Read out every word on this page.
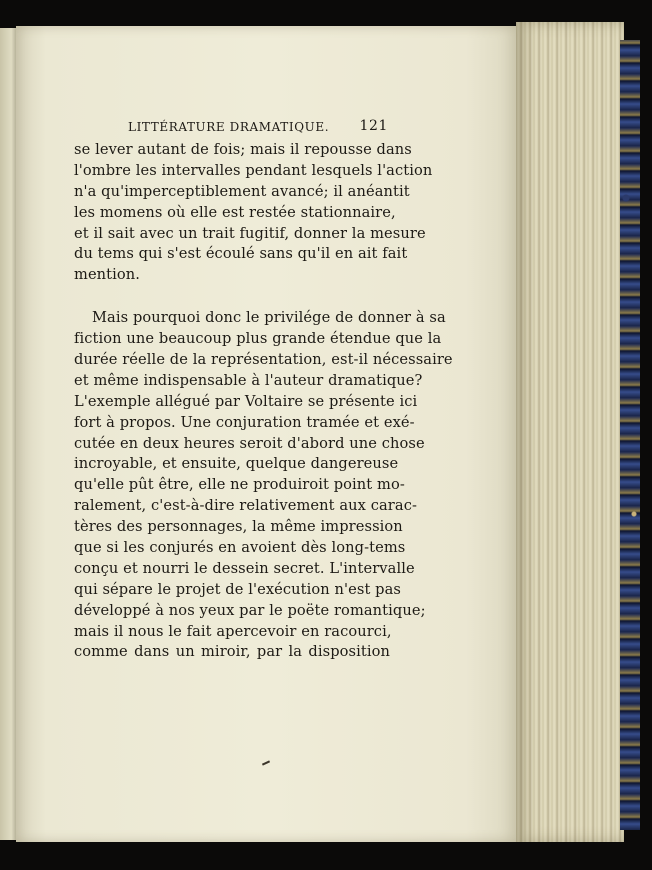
LITTÉRATURE DRAMATIQUE. 121
se lever autant de fois; mais il repousse dans
l'ombre les intervalles pendant lesquels l'action
n'a qu'imperceptiblement avancé; il anéantit
les momens où elle est restée stationnaire,
et il sait avec un trait fugitif, donner la mesure
du tems qui s'est écoulé sans qu'il en ait fait
mention.
Mais pourquoi donc le privilége de donner à sa
fiction une beaucoup plus grande étendue que la
durée réelle de la représentation, est-il nécessaire
et même indispensable à l'auteur dramatique?
L'exemple allégué par Voltaire se présente ici
fort à propos. Une conjuration tramée et exé-
cutée en deux heures seroit d'abord une chose
incroyable, et ensuite, quelque dangereuse
qu'elle pût être, elle ne produiroit point mo-
ralement, c'est-à-dire relativement aux carac-
tères des personnages, la même impression
que si les conjurés en avoient dès long-tems
conçu et nourri le dessein secret. L'intervalle
qui sépare le projet de l'exécution n'est pas
développé à nos yeux par le poëte romantique;
mais il nous le fait apercevoir en racourci,
comme dans un miroir, par la disposition
